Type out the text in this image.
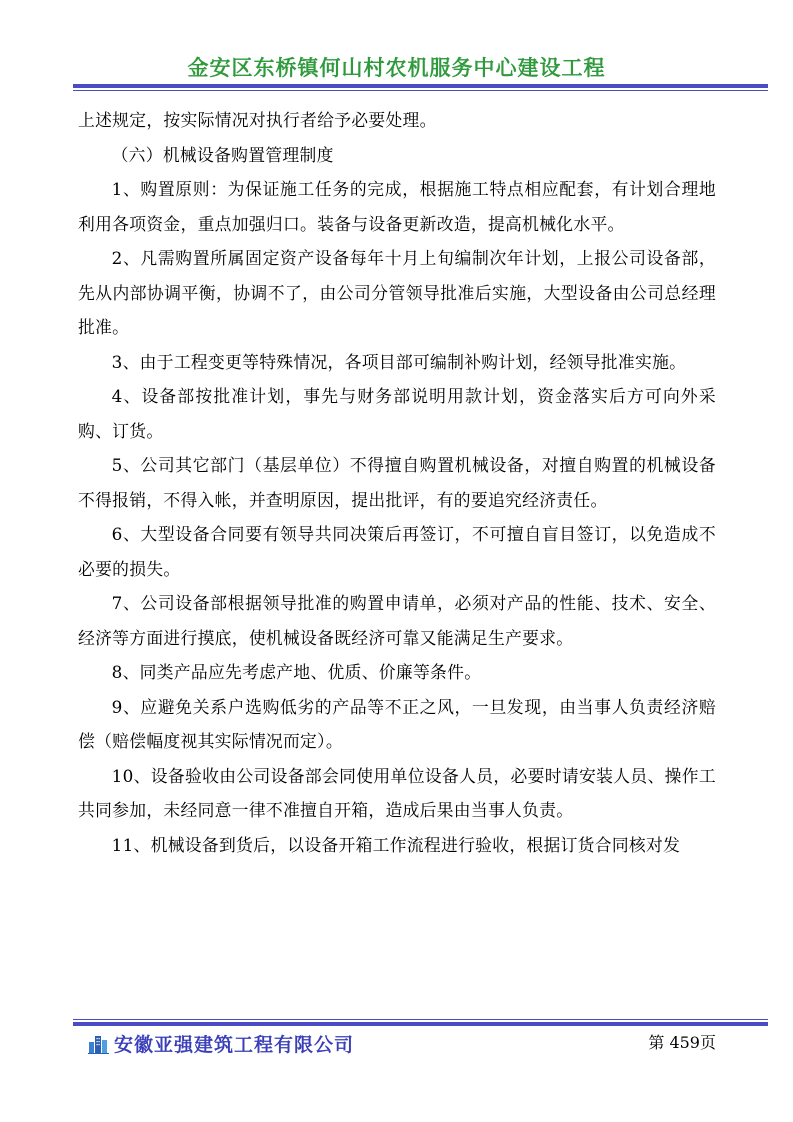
金安区东桥镇何山村农机服务中心建设工程

上述规定，按实际情况对执行者给予必要处理。

（六）机械设备购置管理制度

1、购置原则：为保证施工任务的完成，根据施工特点相应配套，有计划合理地利用各项资金，重点加强归口。装备与设备更新改造，提高机械化水平。

2、凡需购置所属固定资产设备每年十月上旬编制次年计划，上报公司设备部，先从内部协调平衡，协调不了，由公司分管领导批准后实施，大型设备由公司总经理批准。

3、由于工程变更等特殊情况，各项目部可编制补购计划，经领导批准实施。

4、设备部按批准计划，事先与财务部说明用款计划，资金落实后方可向外采购、订货。

5、公司其它部门（基层单位）不得擅自购置机械设备，对擅自购置的机械设备不得报销，不得入帐，并查明原因，提出批评，有的要追究经济责任。

6、大型设备合同要有领导共同决策后再签订，不可擅自盲目签订，以免造成不必要的损失。

7、公司设备部根据领导批准的购置申请单，必须对产品的性能、技术、安全、经济等方面进行摸底，使机械设备既经济可靠又能满足生产要求。

8、同类产品应先考虑产地、优质、价廉等条件。

9、应避免关系户选购低劣的产品等不正之风，一旦发现，由当事人负责经济赔偿（赔偿幅度视其实际情况而定）。

10、设备验收由公司设备部会同使用单位设备人员，必要时请安装人员、操作工共同参加，未经同意一律不准擅自开箱，造成后果由当事人负责。

11、机械设备到货后，以设备开箱工作流程进行验收，根据订货合同核对发

安徽亚强建筑工程有限公司	第 459页
